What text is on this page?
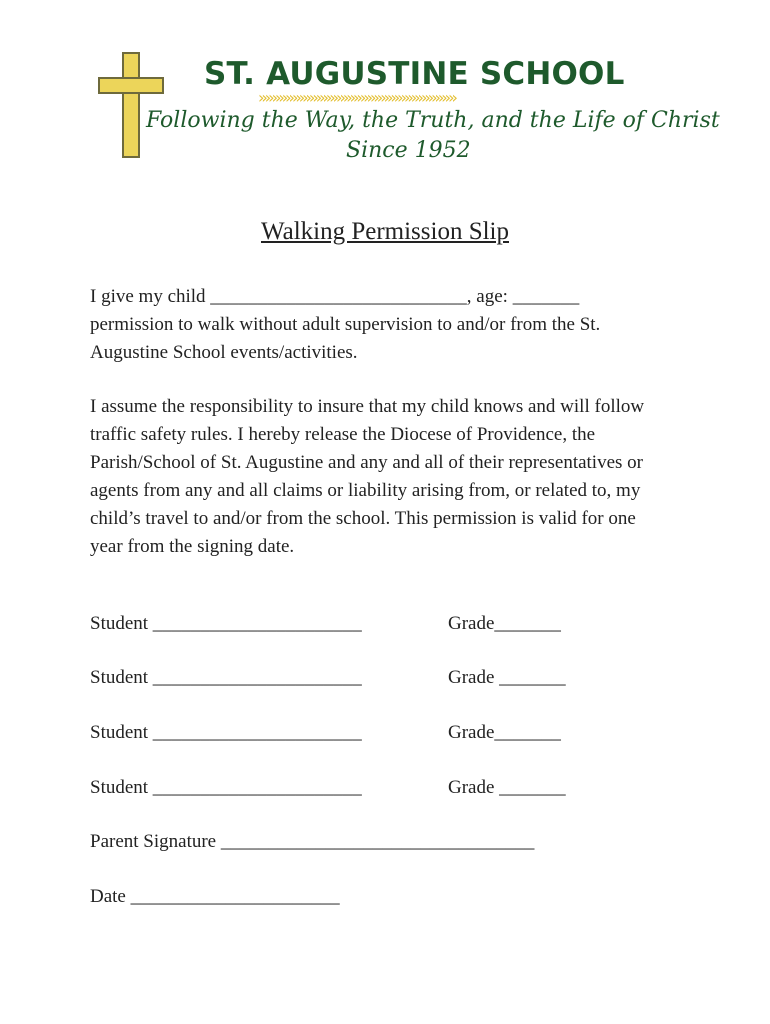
ST. AUGUSTINE SCHOOL
»»»»»»»»»»»»»»»»»»»»»»»»»»»»»
Following the Way, the Truth, and the Life of Christ
Since 1952
Walking Permission Slip

I give my child ___________________________, age: _______
permission to walk without adult supervision to and/or from the St.
Augustine School events/activities.

I assume the responsibility to insure that my child knows and will follow
traffic safety rules. I hereby release the Diocese of Providence, the
Parish/School of St. Augustine and any and all of their representatives or
agents from any and all claims or liability arising from, or related to, my
child’s travel to and/or from the school. This permission is valid for one
year from the signing date.

Student ______________________	Grade_______
Student ______________________	Grade _______
Student ______________________	Grade_______
Student ______________________	Grade _______
Parent Signature _________________________________
Date ______________________
